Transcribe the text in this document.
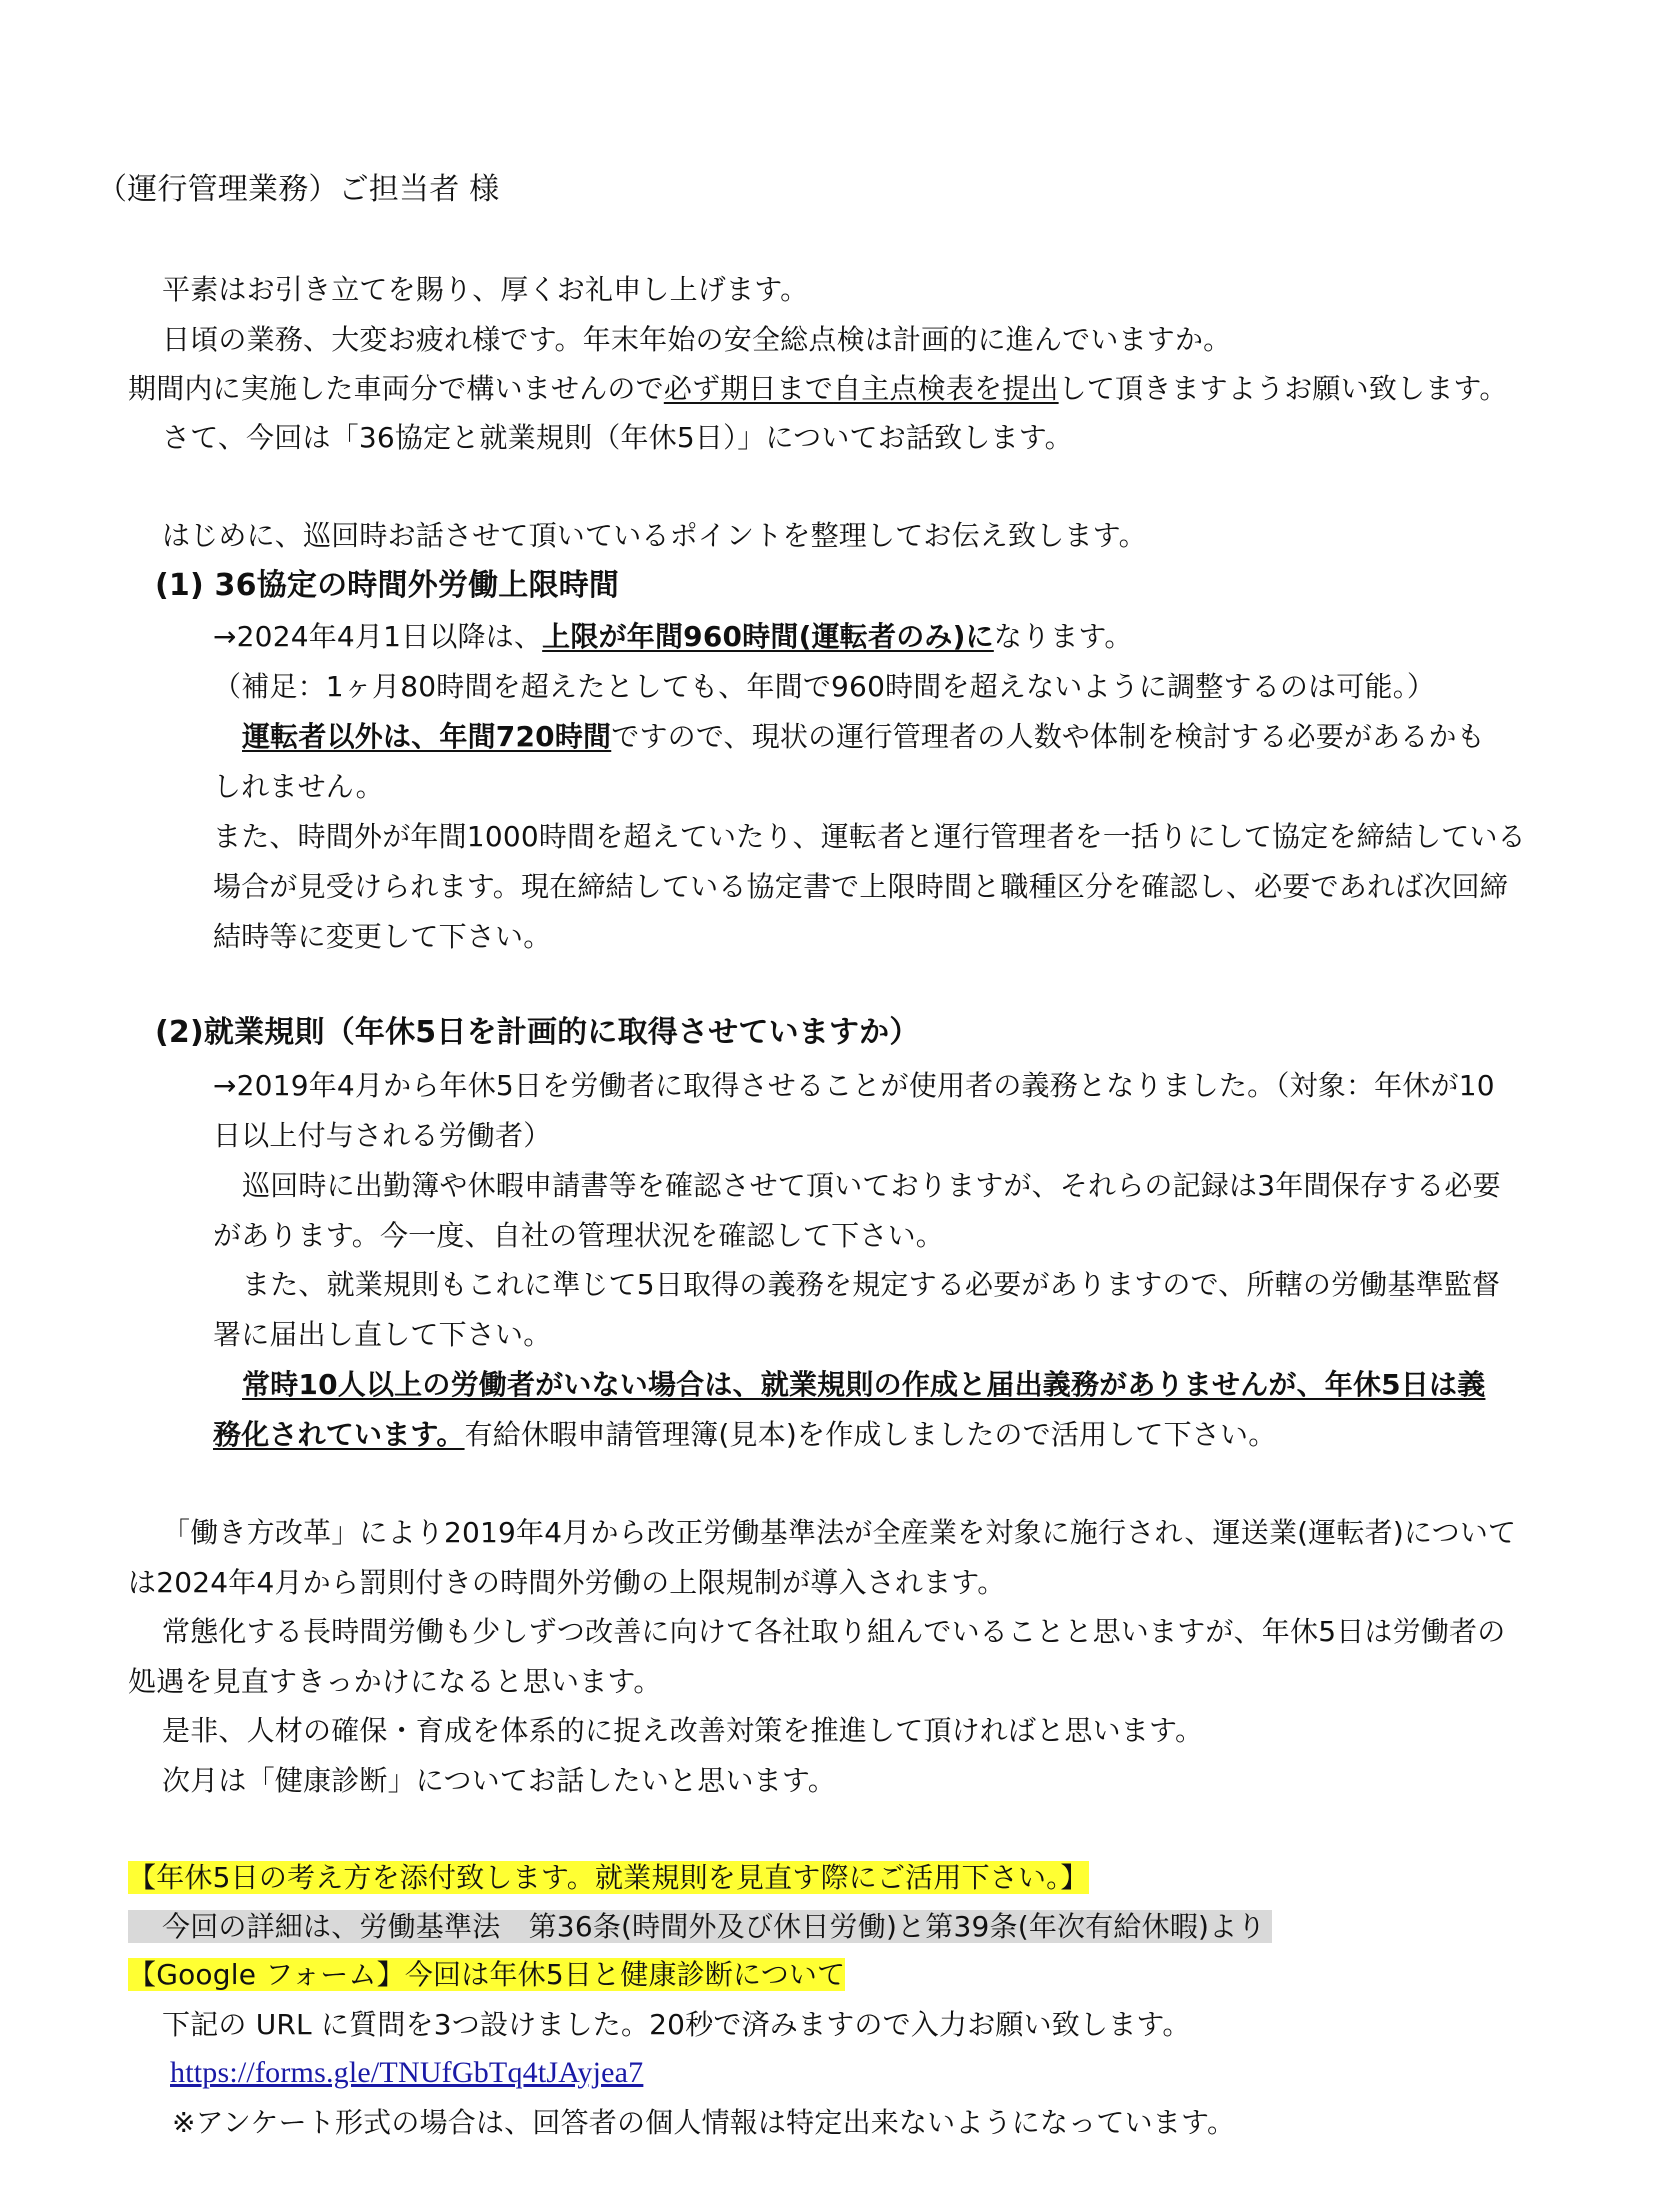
（運行管理業務）ご担当者 様
平素はお引き立てを賜り、厚くお礼申し上げます。
日頃の業務、大変お疲れ様です。年末年始の安全総点検は計画的に進んでいますか。
期間内に実施した車両分で構いませんので必ず期日まで自主点検表を提出して頂きますようお願い致します。
さて、今回は「36協定と就業規則（年休5日）」についてお話致します。
はじめに、巡回時お話させて頂いているポイントを整理してお伝え致します。
(1) 36協定の時間外労働上限時間
→2024年4月1日以降は、上限が年間960時間(運転者のみ)になります。
（補足：1ヶ月80時間を超えたとしても、年間で960時間を超えないように調整するのは可能。）
運転者以外は、年間720時間ですので、現状の運行管理者の人数や体制を検討する必要があるかも
しれません。
また、時間外が年間1000時間を超えていたり、運転者と運行管理者を一括りにして協定を締結している
場合が見受けられます。現在締結している協定書で上限時間と職種区分を確認し、必要であれば次回締
結時等に変更して下さい。
(2)就業規則（年休5日を計画的に取得させていますか）
→2019年4月から年休5日を労働者に取得させることが使用者の義務となりました。（対象：年休が10
日以上付与される労働者）
巡回時に出勤簿や休暇申請書等を確認させて頂いておりますが、それらの記録は3年間保存する必要
があります。今一度、自社の管理状況を確認して下さい。
また、就業規則もこれに準じて5日取得の義務を規定する必要がありますので、所轄の労働基準監督
署に届出し直して下さい。
常時10人以上の労働者がいない場合は、就業規則の作成と届出義務がありませんが、年休5日は義
務化されています。有給休暇申請管理簿(見本)を作成しましたので活用して下さい。
「働き方改革」により2019年4月から改正労働基準法が全産業を対象に施行され、運送業(運転者)について
は2024年4月から罰則付きの時間外労働の上限規制が導入されます。
常態化する長時間労働も少しずつ改善に向けて各社取り組んでいることと思いますが、年休5日は労働者の
処遇を見直すきっかけになると思います。
是非、人材の確保・育成を体系的に捉え改善対策を推進して頂ければと思います。
次月は「健康診断」についてお話したいと思います。
【年休5日の考え方を添付致します。就業規則を見直す際にご活用下さい。】
今回の詳細は、労働基準法　第36条(時間外及び休日労働)と第39条(年次有給休暇)より
【Google フォーム】今回は年休5日と健康診断について
下記の URL に質問を3つ設けました。20秒で済みますので入力お願い致します。
https://forms.gle/TNUfGbTq4tJAyjea7
※アンケート形式の場合は、回答者の個人情報は特定出来ないようになっています。
